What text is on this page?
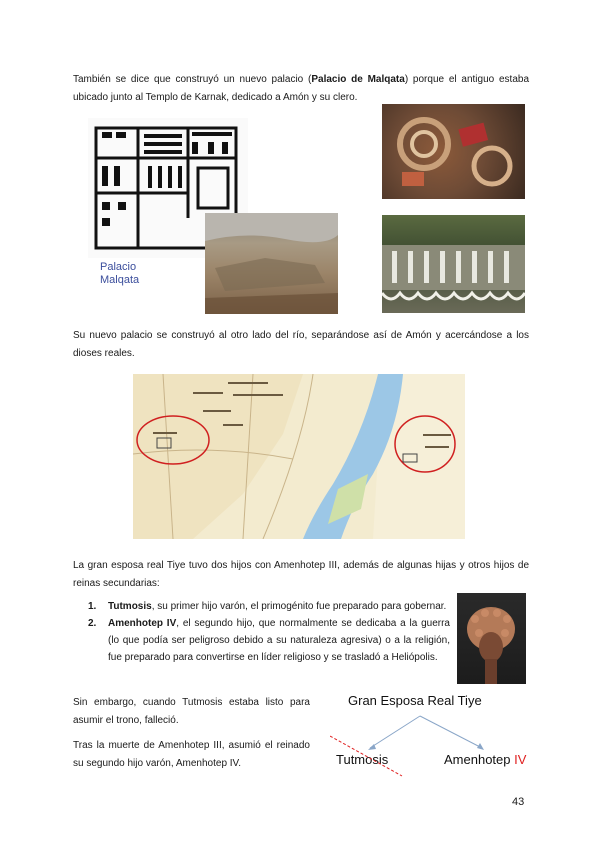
También se dice que construyó un nuevo palacio (Palacio de Malqata) porque el antiguo estaba ubicado junto al Templo de Karnak, dedicado a Amón y su clero.

Palacio
Malqata

Su nuevo palacio se construyó al otro lado del río, separándose así de Amón y acercándose a los dioses reales.

La gran esposa real Tiye tuvo dos hijos con Amenhotep III, además de algunas hijas y otros hijos de reinas secundarias:

1. Tutmosis, su primer hijo varón, el primogénito fue preparado para gobernar.
2. Amenhotep IV, el segundo hijo, que normalmente se dedicaba a la guerra (lo que podía ser peligroso debido a su naturaleza agresiva) o a la religión, fue preparado para convertirse en líder religioso y se trasladó a Heliópolis.

Sin embargo, cuando Tutmosis estaba listo para asumir el trono, falleció.

Tras la muerte de Amenhotep III, asumió el reinado su segundo hijo varón, Amenhotep IV.

Gran Esposa Real Tiye
Tutmosis	Amenhotep IV
43
